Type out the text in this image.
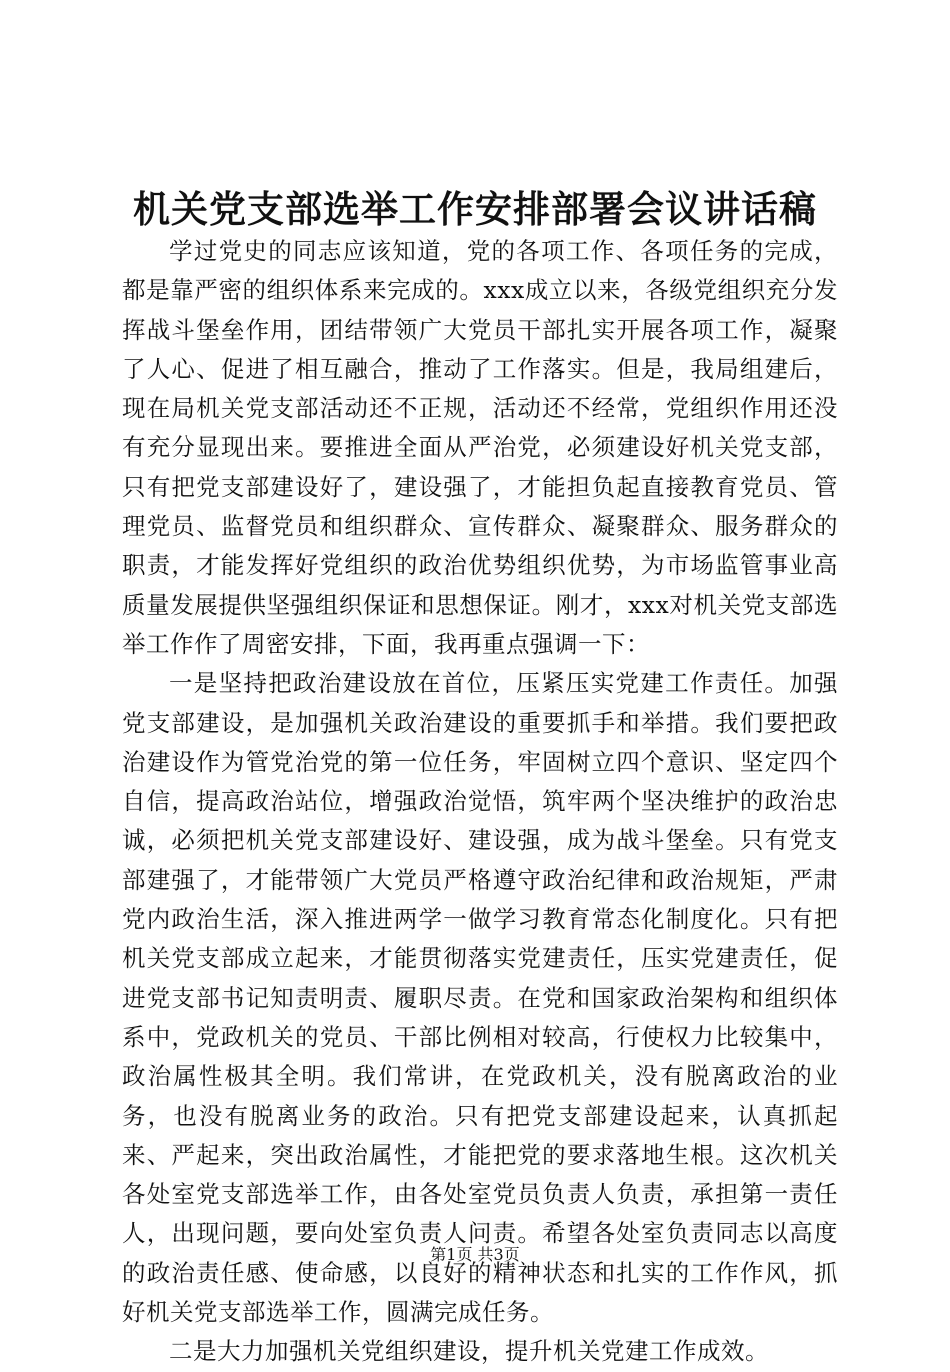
机关党支部选举工作安排部署会议讲话稿

学过党史的同志应该知道，党的各项工作、各项任务的完成，都是靠严密的组织体系来完成的。xxx成立以来，各级党组织充分发挥战斗堡垒作用，团结带领广大党员干部扎实开展各项工作，凝聚了人心、促进了相互融合，推动了工作落实。但是，我局组建后，现在局机关党支部活动还不正规，活动还不经常，党组织作用还没有充分显现出来。要推进全面从严治党，必须建设好机关党支部，只有把党支部建设好了，建设强了，才能担负起直接教育党员、管理党员、监督党员和组织群众、宣传群众、凝聚群众、服务群众的职责，才能发挥好党组织的政治优势组织优势，为市场监管事业高质量发展提供坚强组织保证和思想保证。刚才，xxx对机关党支部选举工作作了周密安排，下面，我再重点强调一下：

一是坚持把政治建设放在首位，压紧压实党建工作责任。加强党支部建设，是加强机关政治建设的重要抓手和举措。我们要把政治建设作为管党治党的第一位任务，牢固树立四个意识、坚定四个自信，提高政治站位，增强政治觉悟，筑牢两个坚决维护的政治忠诚，必须把机关党支部建设好、建设强，成为战斗堡垒。只有党支部建强了，才能带领广大党员严格遵守政治纪律和政治规矩，严肃党内政治生活，深入推进两学一做学习教育常态化制度化。只有把机关党支部成立起来，才能贯彻落实党建责任，压实党建责任，促进党支部书记知责明责、履职尽责。在党和国家政治架构和组织体系中，党政机关的党员、干部比例相对较高，行使权力比较集中，政治属性极其全明。我们常讲，在党政机关，没有脱离政治的业务，也没有脱离业务的政治。只有把党支部建设起来，认真抓起来、严起来，突出政治属性，才能把党的要求落地生根。这次机关各处室党支部选举工作，由各处室党员负责人负责，承担第一责任人，出现问题，要向处室负责人问责。希望各处室负责同志以高度的政治责任感、使命感，以良好的精神状态和扎实的工作作风，抓好机关党支部选举工作，圆满完成任务。

二是大力加强机关党组织建设，提升机关党建工作成效。

第1页 共3页
